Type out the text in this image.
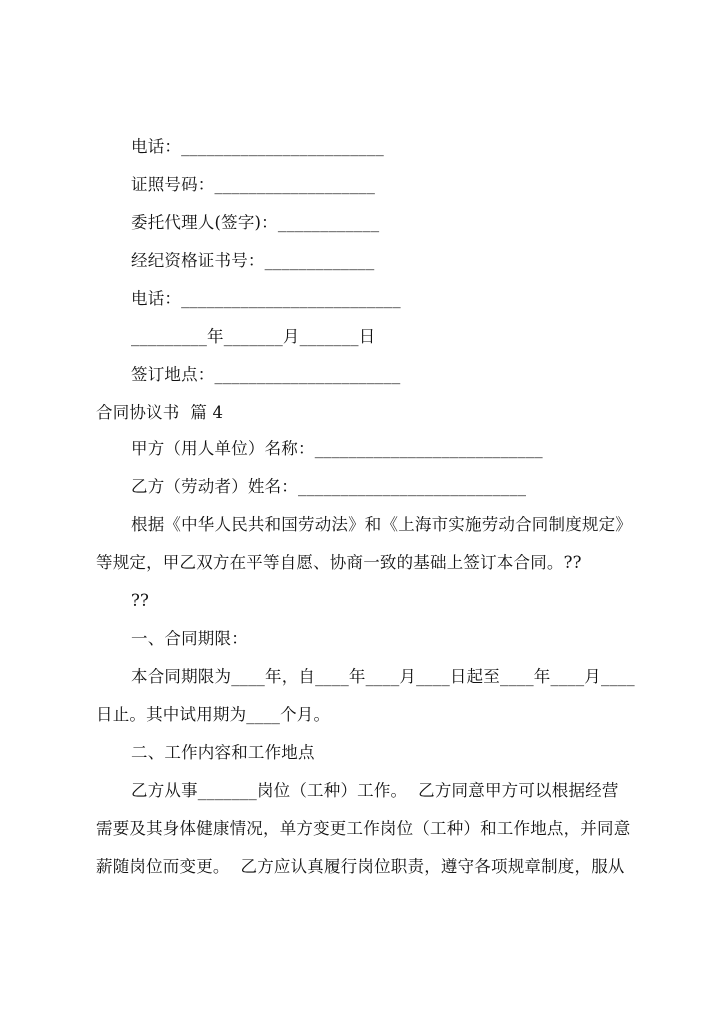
电话：________________________
证照号码：___________________
委托代理人(签字)：____________
经纪资格证书号：_____________
电话：__________________________
_________年_______月_______日
签订地点：______________________
合同协议书  篇 4
甲方（用人单位）名称：___________________________
乙方（劳动者）姓名：___________________________
根据《中华人民共和国劳动法》和《上海市实施劳动合同制度规定》
等规定，甲乙双方在平等自愿、协商一致的基础上签订本合同。??
??
一、合同期限：
本合同期限为____年，自____年____月____日起至____年____月____
日止。其中试用期为____个月。
二、工作内容和工作地点
乙方从事_______岗位（工种）工作。  乙方同意甲方可以根据经营
需要及其身体健康情况，单方变更工作岗位（工种）和工作地点，并同意
薪随岗位而变更。  乙方应认真履行岗位职责，遵守各项规章制度，服从
